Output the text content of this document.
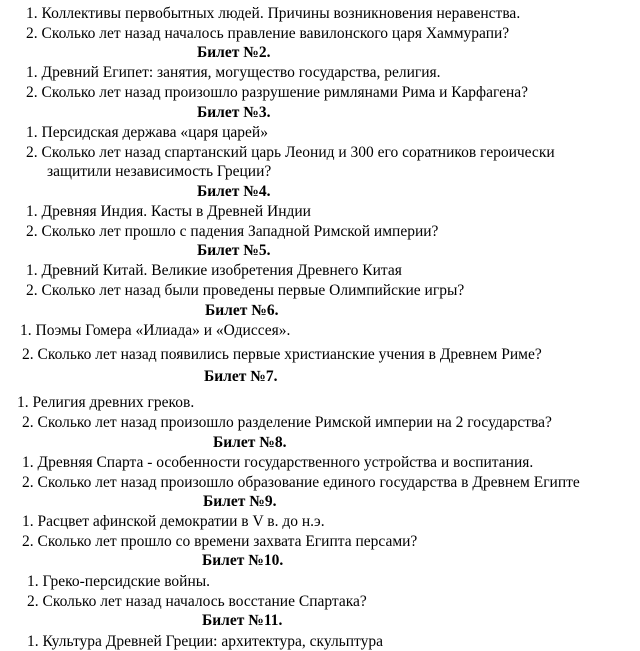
1. Коллективы первобытных людей. Причины возникновения неравенства.
2. Сколько лет назад началось правление вавилонского царя Хаммурапи?
Билет №2.
1. Древний Египет: занятия, могущество государства, религия.
2. Сколько лет назад произошло разрушение римлянами Рима и Карфагена?
Билет №3.
1. Персидская держава «царя царей»
2. Сколько лет назад спартанский царь Леонид и 300 его соратников героически
защитили независимость Греции?
Билет №4.
1. Древняя Индия. Касты в Древней Индии
2. Сколько лет прошло с падения Западной Римской империи?
Билет №5.
1. Древний Китай. Великие изобретения Древнего Китая
2. Сколько лет назад были проведены первые Олимпийские игры?
Билет №6.
1. Поэмы Гомера «Илиада» и «Одиссея».
2. Сколько лет назад появились первые христианские учения в Древнем Риме?
Билет №7.
1. Религия древних греков.
2. Сколько лет назад произошло разделение Римской империи на 2 государства?
Билет №8.
1. Древняя Спарта - особенности государственного устройства и воспитания.
2. Сколько лет назад произошло образование единого государства в Древнем Египте
Билет №9.
1. Расцвет афинской демократии в V в. до н.э.
2. Сколько лет прошло со времени захвата Египта персами?
Билет №10.
1. Греко-персидские войны.
2. Сколько лет назад началось восстание Спартака?
Билет №11.
1. Культура Древней Греции: архитектура, скульптура
